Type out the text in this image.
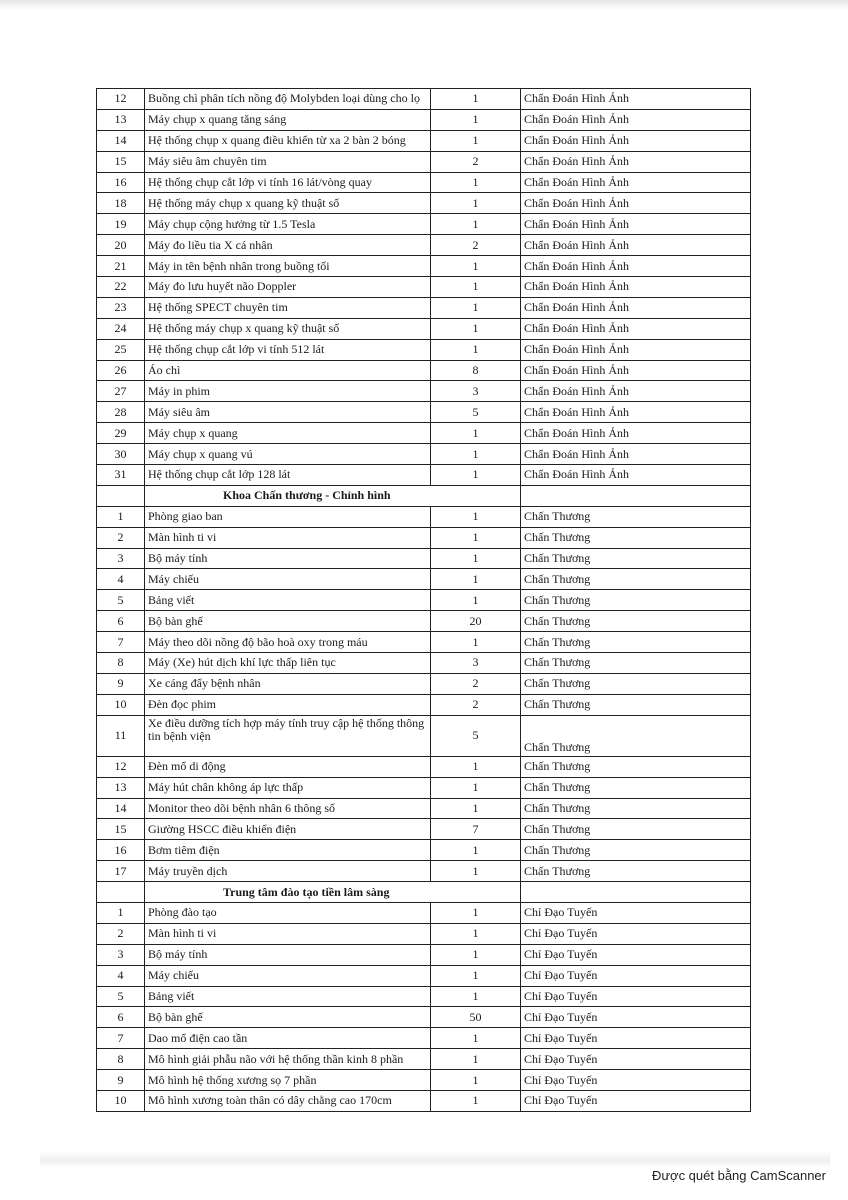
12	Buồng chì phân tích nồng độ Molybden loại dùng cho lọ	1	Chẩn Đoán Hình Ảnh
13	Máy chụp x quang tăng sáng	1	Chẩn Đoán Hình Ảnh
14	Hệ thống chụp x quang điều khiển từ xa 2 bàn 2 bóng	1	Chẩn Đoán Hình Ảnh
15	Máy siêu âm chuyên tim	2	Chẩn Đoán Hình Ảnh
16	Hệ thống chụp cắt lớp vi tính 16 lát/vòng quay	1	Chẩn Đoán Hình Ảnh
18	Hệ thống máy chụp x quang kỹ thuật số	1	Chẩn Đoán Hình Ảnh
19	Máy chụp cộng hưởng từ 1.5 Tesla	1	Chẩn Đoán Hình Ảnh
20	Máy đo liều tia X cá nhân	2	Chẩn Đoán Hình Ảnh
21	Máy in tên bệnh nhân trong buồng tối	1	Chẩn Đoán Hình Ảnh
22	Máy đo lưu huyết não Doppler	1	Chẩn Đoán Hình Ảnh
23	Hệ thống SPECT chuyên tim	1	Chẩn Đoán Hình Ảnh
24	Hệ thống máy chụp x quang kỹ thuật số	1	Chẩn Đoán Hình Ảnh
25	Hệ thống chụp cắt lớp vi tính 512 lát	1	Chẩn Đoán Hình Ảnh
26	Áo chì	8	Chẩn Đoán Hình Ảnh
27	Máy in phim	3	Chẩn Đoán Hình Ảnh
28	Máy siêu âm	5	Chẩn Đoán Hình Ảnh
29	Máy chụp x quang	1	Chẩn Đoán Hình Ảnh
30	Máy chụp x quang vú	1	Chẩn Đoán Hình Ảnh
31	Hệ thống chụp cắt lớp 128 lát	1	Chẩn Đoán Hình Ảnh
	Khoa Chấn thương - Chỉnh hình		
1	Phòng giao ban	1	Chấn Thương
2	Màn hình ti vi	1	Chấn Thương
3	Bộ máy tính	1	Chấn Thương
4	Máy chiếu	1	Chấn Thương
5	Bảng viết	1	Chấn Thương
6	Bộ bàn ghế	20	Chấn Thương
7	Máy theo dõi nồng độ bão hoà oxy trong máu	1	Chấn Thương
8	Máy (Xe) hút dịch khí lực thấp liên tục	3	Chấn Thương
9	Xe cáng đẩy bệnh nhân	2	Chấn Thương
10	Đèn đọc phim	2	Chấn Thương
11	Xe điều dưỡng tích hợp máy tính truy cập hệ thống thông tin bệnh viện	5	Chấn Thương
12	Đèn mổ di động	1	Chấn Thương
13	Máy hút chân không áp lực thấp	1	Chấn Thương
14	Monitor theo dõi bệnh nhân 6 thông số	1	Chấn Thương
15	Giường HSCC điều khiển điện	7	Chấn Thương
16	Bơm tiêm điện	1	Chấn Thương
17	Máy truyền dịch	1	Chấn Thương
	Trung tâm đào tạo tiền lâm sàng		
1	Phòng đào tạo	1	Chỉ Đạo Tuyến
2	Màn hình ti vi	1	Chỉ Đạo Tuyến
3	Bộ máy tính	1	Chỉ Đạo Tuyến
4	Máy chiếu	1	Chỉ Đạo Tuyến
5	Bảng viết	1	Chỉ Đạo Tuyến
6	Bộ bàn ghế	50	Chỉ Đạo Tuyến
7	Dao mổ điện cao tần	1	Chỉ Đạo Tuyến
8	Mô hình giải phẫu não với hệ thống thần kinh 8 phần	1	Chỉ Đạo Tuyến
9	Mô hình hệ thống xương sọ 7 phần	1	Chỉ Đạo Tuyến
10	Mô hình xương toàn thân có dây chằng cao 170cm	1	Chỉ Đạo Tuyến
Được quét bằng CamScanner
